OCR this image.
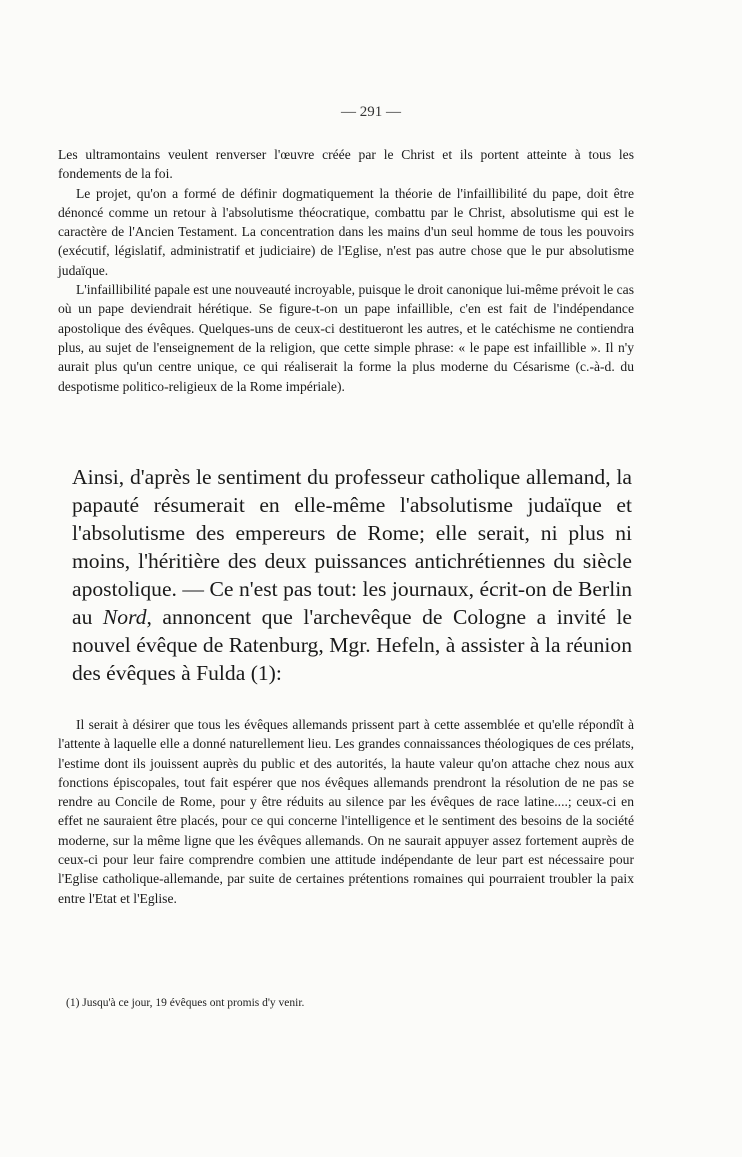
— 291 —

Les ultramontains veulent renverser l'œuvre créée par le Christ et ils portent atteinte à tous les fondements de la foi.

Le projet, qu'on a formé de définir dogmatiquement la théorie de l'infaillibilité du pape, doit être dénoncé comme un retour à l'absolutisme théocratique, combattu par le Christ, absolutisme qui est le caractère de l'Ancien Testament. La concentration dans les mains d'un seul homme de tous les pouvoirs (exécutif, législatif, administratif et judiciaire) de l'Eglise, n'est pas autre chose que le pur absolutisme judaïque.

L'infaillibilité papale est une nouveauté incroyable, puisque le droit canonique lui-même prévoit le cas où un pape deviendrait hérétique. Se figure-t-on un pape infaillible, c'en est fait de l'indépendance apostolique des évêques. Quelques-uns de ceux-ci destitueront les autres, et le catéchisme ne contiendra plus, au sujet de l'enseignement de la religion, que cette simple phrase: « le pape est infaillible ». Il n'y aurait plus qu'un centre unique, ce qui réaliserait la forme la plus moderne du Césarisme (c.-à-d. du despotisme politico-religieux de la Rome impériale).

Ainsi, d'après le sentiment du professeur catholique allemand, la papauté résumerait en elle-même l'absolutisme judaïque et l'absolutisme des empereurs de Rome; elle serait, ni plus ni moins, l'héritière des deux puissances antichrétiennes du siècle apostolique. — Ce n'est pas tout: les journaux, écrit-on de Berlin au Nord, annoncent que l'archevêque de Cologne a invité le nouvel évêque de Ratenburg, Mgr. Hefeln, à assister à la réunion des évêques à Fulda (1):

Il serait à désirer que tous les évêques allemands prissent part à cette assemblée et qu'elle répondît à l'attente à laquelle elle a donné naturellement lieu. Les grandes connaissances théologiques de ces prélats, l'estime dont ils jouissent auprès du public et des autorités, la haute valeur qu'on attache chez nous aux fonctions épiscopales, tout fait espérer que nos évêques allemands prendront la résolution de ne pas se rendre au Concile de Rome, pour y être réduits au silence par les évêques de race latine....; ceux-ci en effet ne sauraient être placés, pour ce qui concerne l'intelligence et le sentiment des besoins de la société moderne, sur la même ligne que les évêques allemands. On ne saurait appuyer assez fortement auprès de ceux-ci pour leur faire comprendre combien une attitude indépendante de leur part est nécessaire pour l'Eglise catholique-allemande, par suite de certaines prétentions romaines qui pourraient troubler la paix entre l'Etat et l'Eglise.

(1) Jusqu'à ce jour, 19 évêques ont promis d'y venir.
